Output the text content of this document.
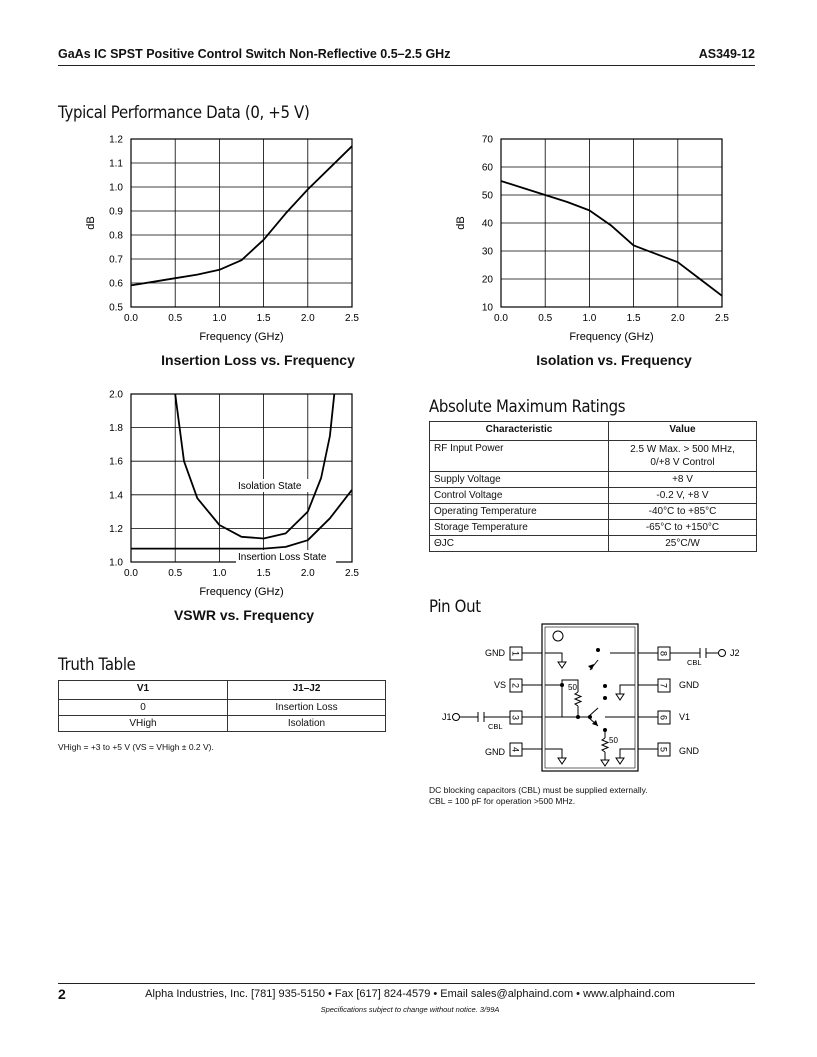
GaAs IC SPST Positive Control Switch Non-Reflective 0.5–2.5 GHz	AS349-12
Typical Performance Data (0, +5 V)
0.0	0.5	1.0	1.5	2.0	2.5
0.5
0.6
0.7
0.8
0.9
1.0
1.1
1.2
Frequency (GHz)
dB
Insertion Loss vs. Frequency
0.0	0.5	1.0	1.5	2.0	2.5
10
20
30
40
50
60
70
Frequency (GHz)
dB
Isolation vs. Frequency
0.0	0.5	1.0	1.5	2.0	2.5
1.0
1.2
1.4
1.6
1.8
2.0
Frequency (GHz)
Isolation State
Insertion Loss State
VSWR vs. Frequency
Absolute Maximum Ratings
Characteristic	Value
RF Input Power	2.5 W Max. > 500 MHz,
0/+8 V Control

Supply Voltage	+8 V
Control Voltage	-0.2 V, +8 V
Operating Temperature	-40°C to +85°C
Storage Temperature	-65°C to +150°C
ΘJC	25°C/W
Pin Out
1
2
3
4
8
7
6
5
GND
VS
J1
CBL
GND
CBL
J2
GND
V1
GND
50
50
DC blocking capacitors (CBL) must be supplied externally.
CBL = 100 pF for operation >500 MHz.
Truth Table
V1	J1–J2
0	Insertion Loss
VHigh	Isolation
VHigh = +3 to +5 V (VS = VHigh ± 0.2 V).
2	Alpha Industries, Inc. [781] 935-5150 • Fax [617] 824-4579 • Email sales@alphaind.com • www.alphaind.com
Specifications subject to change without notice. 3/99A
